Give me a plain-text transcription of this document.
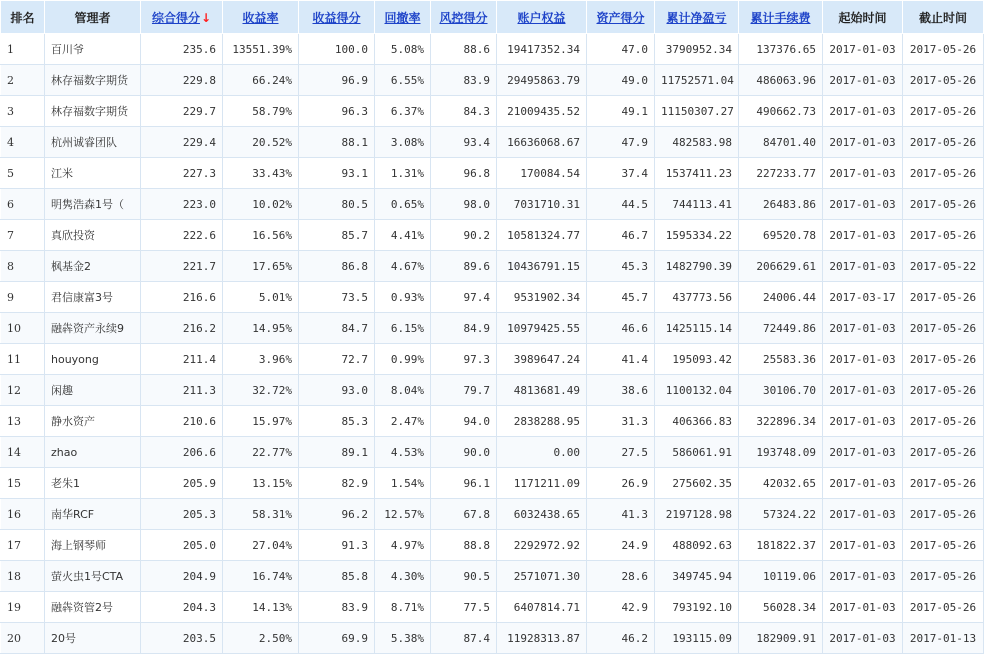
排名	管理者	综合得分↓	收益率	收益得分	回撤率	风控得分	账户权益	资产得分	累计净盈亏	累计手续费	起始时间	截止时间
1	百川爷	235.6	13551.39%	100.0	5.08%	88.6	19417352.34	47.0	3790952.34	137376.65	2017-01-03	2017-05-26
2	林存福数字期货	229.8	66.24%	96.9	6.55%	83.9	29495863.79	49.0	11752571.04	486063.96	2017-01-03	2017-05-26
3	林存福数字期货	229.7	58.79%	96.3	6.37%	84.3	21009435.52	49.1	11150307.27	490662.73	2017-01-03	2017-05-26
4	杭州诚睿团队	229.4	20.52%	88.1	3.08%	93.4	16636068.67	47.9	482583.98	84701.40	2017-01-03	2017-05-26
5	江米	227.3	33.43%	93.1	1.31%	96.8	170084.54	37.4	1537411.23	227233.77	2017-01-03	2017-05-26
6	明隽浩森1号（	223.0	10.02%	80.5	0.65%	98.0	7031710.31	44.5	744113.41	26483.86	2017-01-03	2017-05-26
7	真欣投资	222.6	16.56%	85.7	4.41%	90.2	10581324.77	46.7	1595334.22	69520.78	2017-01-03	2017-05-26
8	枫基金2	221.7	17.65%	86.8	4.67%	89.6	10436791.15	45.3	1482790.39	206629.61	2017-01-03	2017-05-22
9	君信康富3号	216.6	5.01%	73.5	0.93%	97.4	9531902.34	45.7	437773.56	24006.44	2017-03-17	2017-05-26
10	融犇资产永续9	216.2	14.95%	84.7	6.15%	84.9	10979425.55	46.6	1425115.14	72449.86	2017-01-03	2017-05-26
11	houyong	211.4	3.96%	72.7	0.99%	97.3	3989647.24	41.4	195093.42	25583.36	2017-01-03	2017-05-26
12	闲趣	211.3	32.72%	93.0	8.04%	79.7	4813681.49	38.6	1100132.04	30106.70	2017-01-03	2017-05-26
13	静水资产	210.6	15.97%	85.3	2.47%	94.0	2838288.95	31.3	406366.83	322896.34	2017-01-03	2017-05-26
14	zhao	206.6	22.77%	89.1	4.53%	90.0	0.00	27.5	586061.91	193748.09	2017-01-03	2017-05-26
15	老朱1	205.9	13.15%	82.9	1.54%	96.1	1171211.09	26.9	275602.35	42032.65	2017-01-03	2017-05-26
16	南华RCF	205.3	58.31%	96.2	12.57%	67.8	6032438.65	41.3	2197128.98	57324.22	2017-01-03	2017-05-26
17	海上钢琴师	205.0	27.04%	91.3	4.97%	88.8	2292972.92	24.9	488092.63	181822.37	2017-01-03	2017-05-26
18	萤火虫1号CTA	204.9	16.74%	85.8	4.30%	90.5	2571071.30	28.6	349745.94	10119.06	2017-01-03	2017-05-26
19	融犇资管2号	204.3	14.13%	83.9	8.71%	77.5	6407814.71	42.9	793192.10	56028.34	2017-01-03	2017-05-26
20	20号	203.5	2.50%	69.9	5.38%	87.4	11928313.87	46.2	193115.09	182909.91	2017-01-03	2017-01-13
